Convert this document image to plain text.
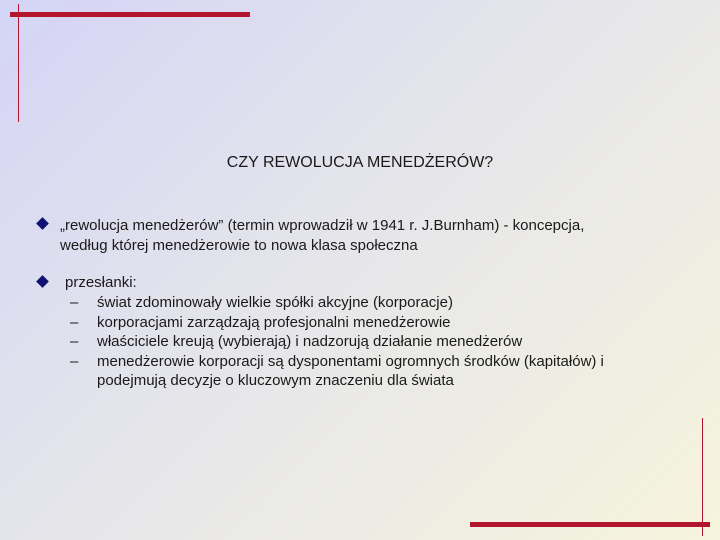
CZY REWOLUCJA MENEDŻERÓW?
„rewolucja menedżerów” (termin wprowadził w 1941 r. J.Burnham) - koncepcja,
według której menedżerowie to nowa klasa społeczna
przesłanki:
– świat zdominowały wielkie spółki akcyjne (korporacje)
– korporacjami zarządzają profesjonalni menedżerowie
– właściciele kreują (wybierają) i nadzorują działanie menedżerów
– menedżerowie korporacji są dysponentami ogromnych środków (kapitałów) i
podejmują decyzje o kluczowym znaczeniu dla świata
